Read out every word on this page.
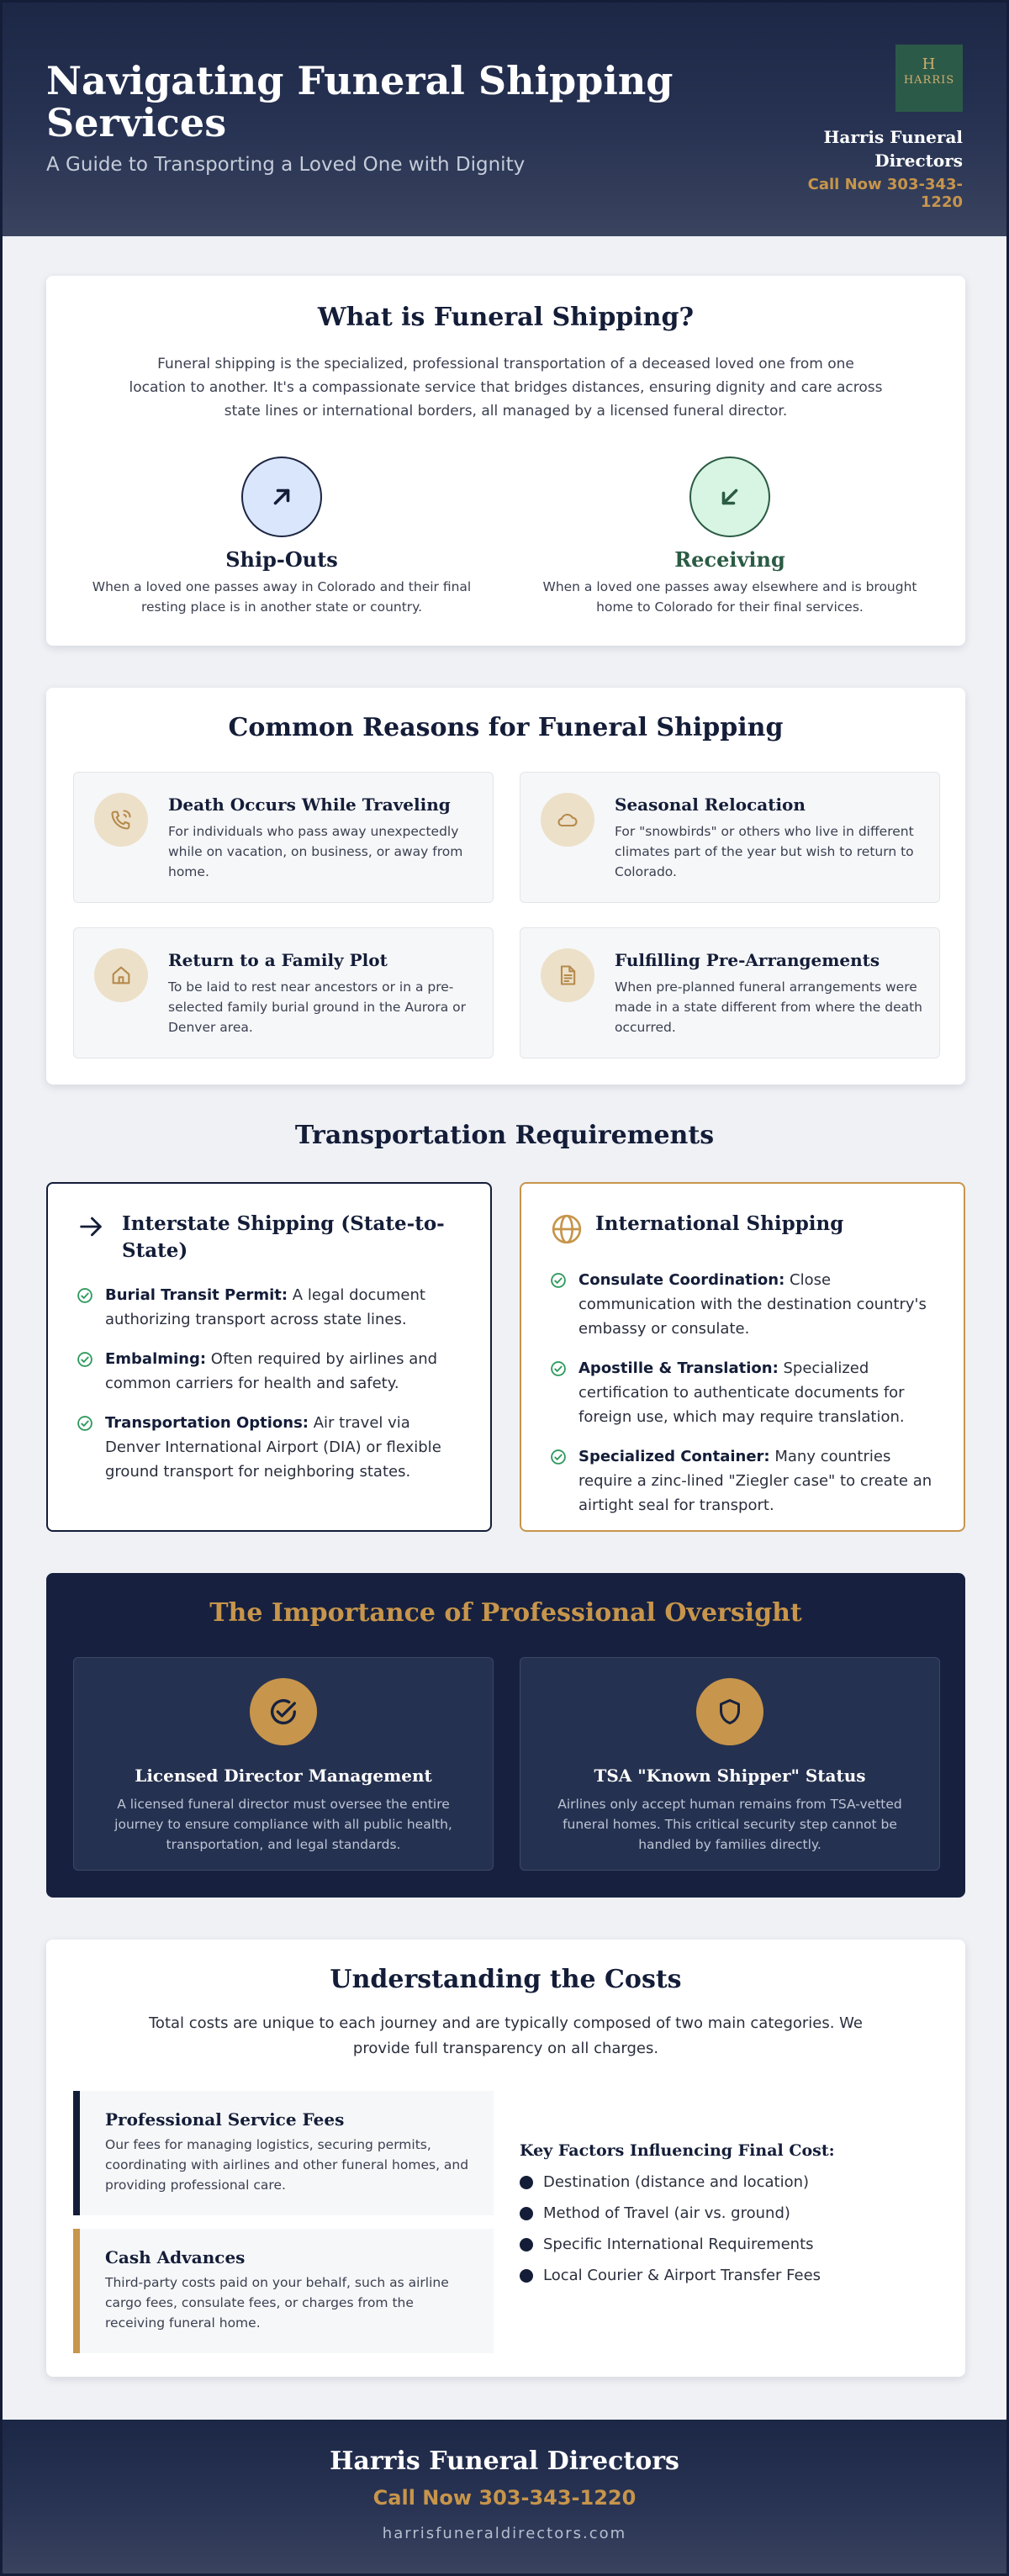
Navigating Funeral Shipping Services
A Guide to Transporting a Loved One with Dignity
H
HARRIS
Harris Funeral Directors
Call Now 303-343-1220
What is Funeral Shipping?
Funeral shipping is the specialized, professional transportation of a deceased loved one from one location to another. It's a compassionate service that bridges distances, ensuring dignity and care across state lines or international borders, all managed by a licensed funeral director.
Ship-Outs
When a loved one passes away in Colorado and their final resting place is in another state or country.
Receiving
When a loved one passes away elsewhere and is brought home to Colorado for their final services.
Common Reasons for Funeral Shipping
Death Occurs While Traveling
For individuals who pass away unexpectedly while on vacation, on business, or away from home.
Seasonal Relocation
For "snowbirds" or others who live in different climates part of the year but wish to return to Colorado.
Return to a Family Plot
To be laid to rest near ancestors or in a pre-selected family burial ground in the Aurora or Denver area.
Fulfilling Pre-Arrangements
When pre-planned funeral arrangements were made in a state different from where the death occurred.
Transportation Requirements
Interstate Shipping (State-to-State)
Burial Transit Permit: A legal document authorizing transport across state lines.
Embalming: Often required by airlines and common carriers for health and safety.
Transportation Options: Air travel via Denver International Airport (DIA) or flexible ground transport for neighboring states.
International Shipping
Consulate Coordination: Close communication with the destination country's embassy or consulate.
Apostille & Translation: Specialized certification to authenticate documents for foreign use, which may require translation.
Specialized Container: Many countries require a zinc-lined "Ziegler case" to create an airtight seal for transport.
The Importance of Professional Oversight
Licensed Director Management
A licensed funeral director must oversee the entire journey to ensure compliance with all public health, transportation, and legal standards.
TSA "Known Shipper" Status
Airlines only accept human remains from TSA-vetted funeral homes. This critical security step cannot be handled by families directly.
Understanding the Costs
Total costs are unique to each journey and are typically composed of two main categories. We provide full transparency on all charges.
Professional Service Fees
Our fees for managing logistics, securing permits, coordinating with airlines and other funeral homes, and providing professional care.
Cash Advances
Third-party costs paid on your behalf, such as airline cargo fees, consulate fees, or charges from the receiving funeral home.
Key Factors Influencing Final Cost:
Destination (distance and location)
Method of Travel (air vs. ground)
Specific International Requirements
Local Courier & Airport Transfer Fees
Harris Funeral Directors
Call Now 303-343-1220
harrisfuneraldirectors.com
